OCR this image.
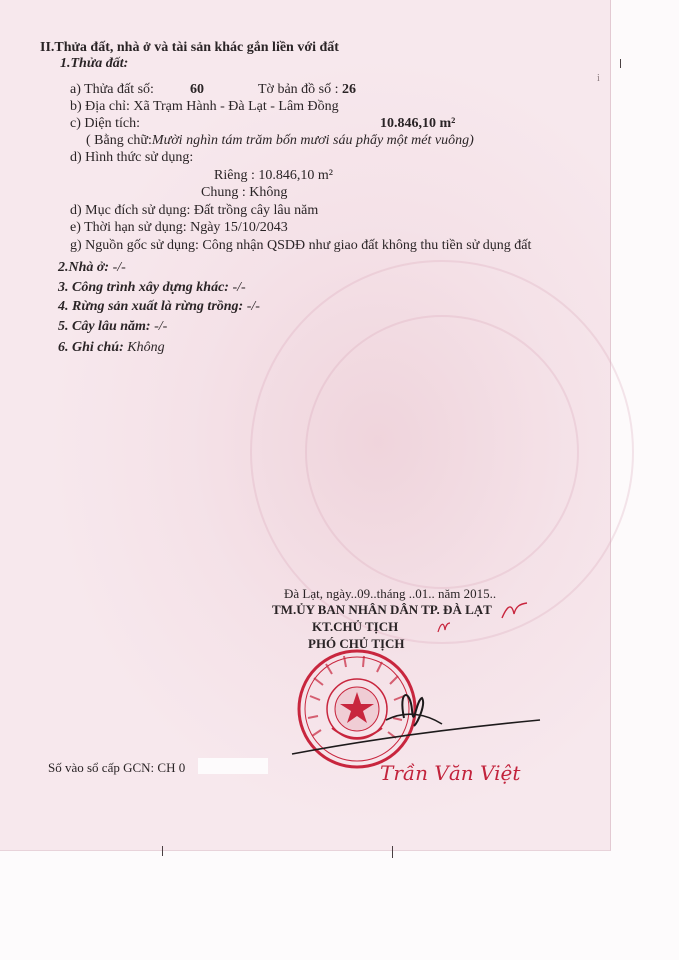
i
II.Thửa đất, nhà ở và tài sản khác gắn liền với đất
1.Thửa đất:
a) Thửa đất số:	60	Tờ bản đồ số : 26
b) Địa chỉ: Xã Trạm Hành - Đà Lạt - Lâm Đồng
c) Diện tích:	10.846,10 m²
( Bằng chữ:Mười nghìn tám trăm bốn mươi sáu phẩy một mét vuông)
d) Hình thức sử dụng:
Riêng : 10.846,10 m²
Chung : Không
d) Mục đích sử dụng: Đất trồng cây lâu năm
e) Thời hạn sử dụng: Ngày 15/10/2043
g) Nguồn gốc sử dụng: Công nhận QSDĐ như giao đất không thu tiền sử dụng đất
2.Nhà ở: -/-
3. Công trình xây dựng khác: -/-
4. Rừng sản xuất là rừng trồng: -/-
5. Cây lâu năm: -/-
6. Ghi chú: Không
Đà Lạt, ngày..09..tháng ..01.. năm 2015..
TM.ỦY BAN NHÂN DÂN TP. ĐÀ LẠT
KT.CHỦ TỊCH
PHÓ CHỦ TỊCH
Trần Văn Việt
Số vào sổ cấp GCN: CH 0
